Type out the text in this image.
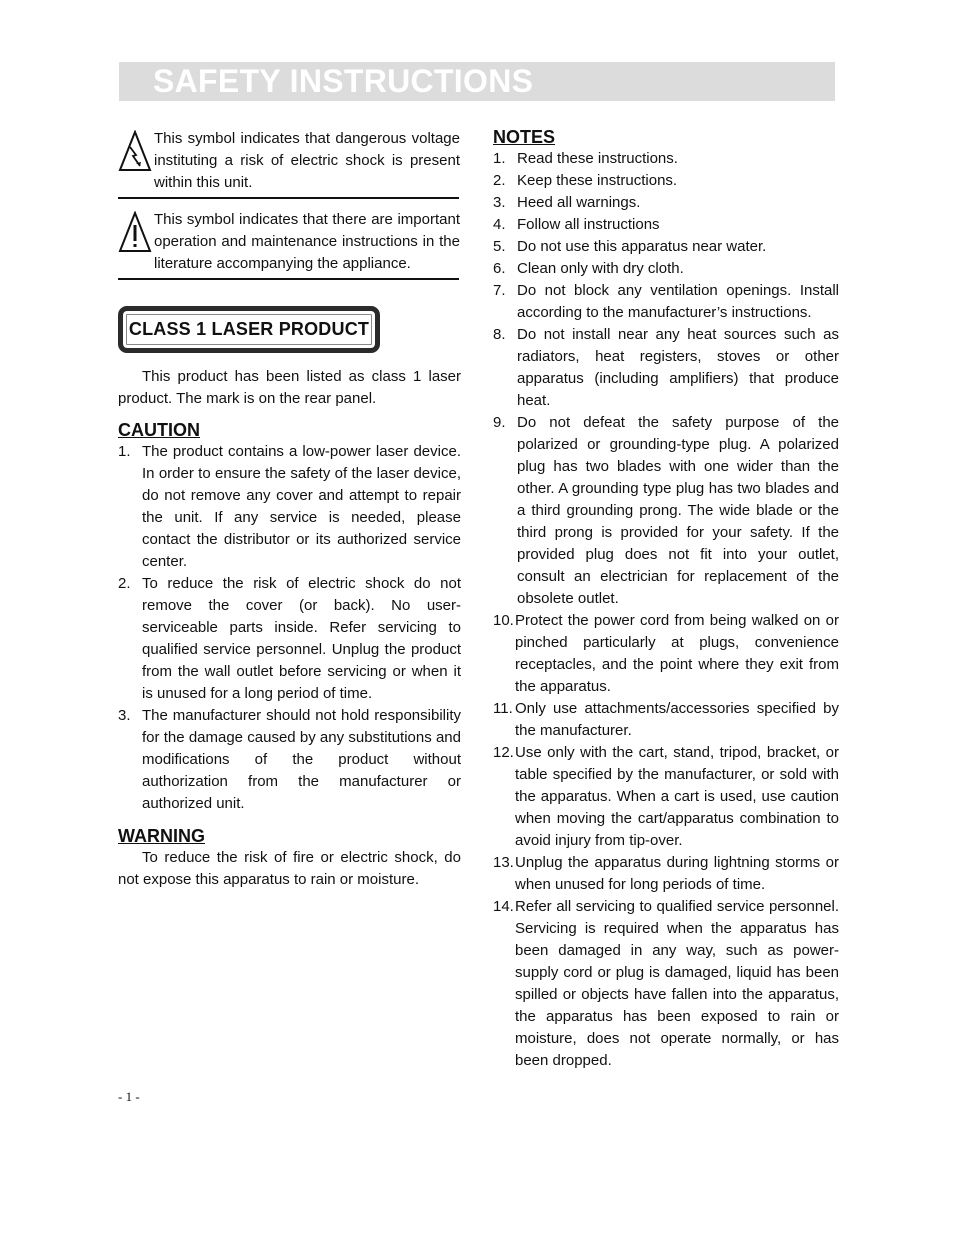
SAFETY INSTRUCTIONS

This symbol indicates that dangerous voltage instituting a risk of electric shock is present within this unit.

This symbol indicates that there are important operation and maintenance instructions in the literature accompanying the appliance.

CLASS 1 LASER PRODUCT

This product has been listed as class 1 laser product. The mark is on the rear panel.

CAUTION

1. The product contains a low-power laser device. In order to ensure the safety of the laser device, do not remove any cover and attempt to repair the unit. If any service is needed, please contact the distributor or its authorized service center.
2. To reduce the risk of electric shock do not remove the cover (or back). No user-serviceable parts inside. Refer servicing to qualified service personnel. Unplug the product from the wall outlet before servicing or when it is unused for a long period of time.
3. The manufacturer should not hold responsibility for the damage caused by any substitutions and modifications of the product without authorization from the manufacturer or authorized unit.

WARNING

To reduce the risk of fire or electric shock, do not expose this apparatus to rain or moisture.

NOTES

1. Read these instructions.
2. Keep these instructions.
3. Heed all warnings.
4. Follow all instructions
5. Do not use this apparatus near water.
6. Clean only with dry cloth.
7. Do not block any ventilation openings. Install according to the manufacturer’s instructions.
8. Do not install near any heat sources such as radiators, heat registers, stoves or other apparatus (including amplifiers) that produce heat.
9. Do not defeat the safety purpose of the polarized or grounding-type plug. A polarized plug has two blades with one wider than the other. A grounding type plug has two blades and a third grounding prong. The wide blade or the third prong is provided for your safety. If the provided plug does not fit into your outlet, consult an electrician for replacement of the obsolete outlet.
10. Protect the power cord from being walked on or pinched particularly at plugs, convenience receptacles, and the point where they exit from the apparatus.
11. Only use attachments/accessories specified by the manufacturer.
12. Use only with the cart, stand, tripod, bracket, or table specified by the manufacturer, or sold with the apparatus. When a cart is used, use caution when moving the cart/apparatus combination to avoid injury from tip-over.
13. Unplug the apparatus during lightning storms or when unused for long periods of time.
14. Refer all servicing to qualified service personnel. Servicing is required when the apparatus has been damaged in any way, such as power-supply cord or plug is damaged, liquid has been spilled or objects have fallen into the apparatus, the apparatus has been exposed to rain or moisture, does not operate normally, or has been dropped.
- 1 -
